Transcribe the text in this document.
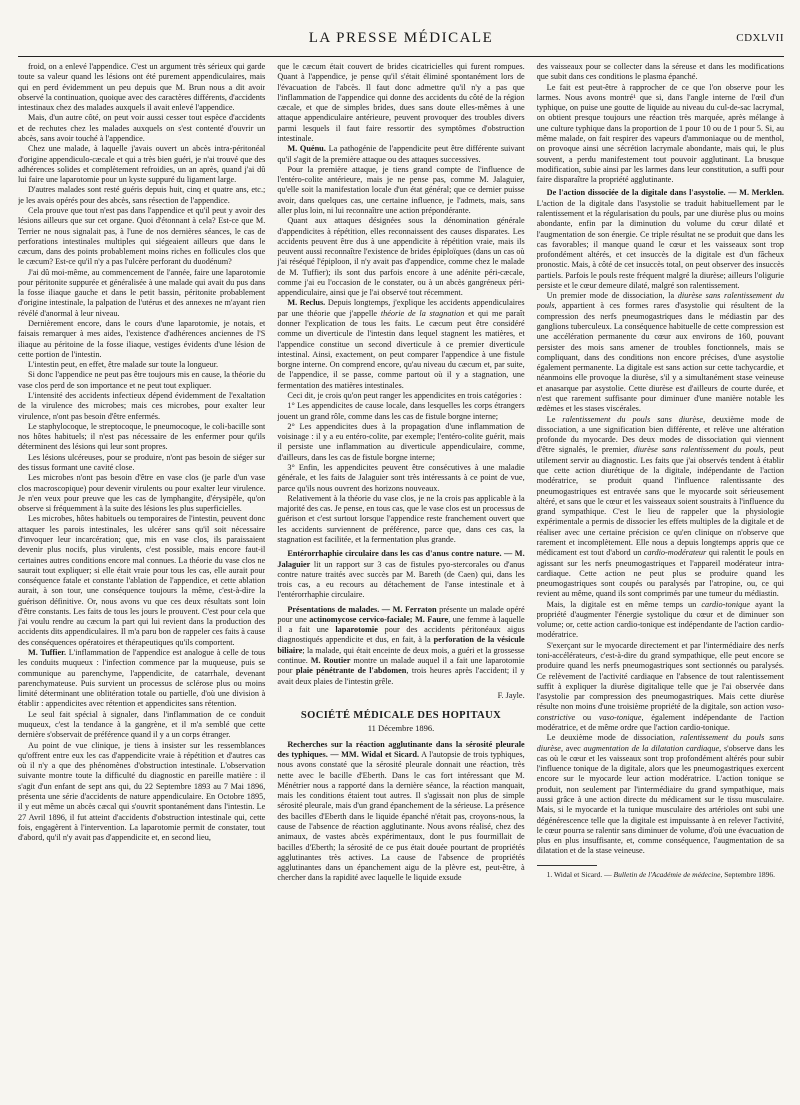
LA PRESSE MÉDICALE	CDXLVII

froid, on a enlevé l'appendice. C'est un argument très sérieux qui garde toute sa valeur quand les lésions ont été purement appendiculaires, mais qui en perd évidemment un peu depuis que M. Brun nous a dit avoir observé la continuation, quoique avec des caractères différents, d'accidents intestinaux chez des malades auxquels il avait enlevé l'appendice.

Mais, d'un autre côté, on peut voir aussi cesser tout espèce d'accidents et de rechutes chez les malades auxquels on s'est contenté d'ouvrir un abcès, sans avoir touché à l'appendice.

Chez une malade, à laquelle j'avais ouvert un abcès intra-péritonéal d'origine appendiculo-cæcale et qui a très bien guéri, je n'ai trouvé que des adhérences solides et complètement refroidies, un an après, quand j'ai dû lui faire une laparotomie pour un kyste suppuré du ligament large.

D'autres malades sont resté guéris depuis huit, cinq et quatre ans, etc.; je les avais opérés pour des abcès, sans résection de l'appendice.

Cela prouve que tout n'est pas dans l'appendice et qu'il peut y avoir des lésions ailleurs que sur cet organe. Quoi d'étonnant à cela? Est-ce que M. Terrier ne nous signalait pas, à l'une de nos dernières séances, le cas de perforations intestinales multiples qui siégeaient ailleurs que dans le cæcum, dans des points probablement moins riches en follicules clos que le cæcum? Est-ce qu'il n'y a pas l'ulcère perforant du duodénum?

J'ai dû moi-même, au commencement de l'année, faire une laparotomie pour péritonite suppurée et généralisée à une malade qui avait du pus dans la fosse iliaque gauche et dans le petit bassin, péritonite probablement d'origine intestinale, la palpation de l'utérus et des annexes ne m'ayant rien révélé d'anormal à leur niveau.

Dernièrement encore, dans le cours d'une laparotomie, je notais, et faisais remarquer à mes aides, l'existence d'adhérences anciennes de l'S iliaque au péritoine de la fosse iliaque, vestiges évidents d'une lésion de cette portion de l'intestin.

L'intestin peut, en effet, être malade sur toute la longueur.

Si donc l'appendice ne peut pas être toujours mis en cause, la théorie du vase clos perd de son importance et ne peut tout expliquer.

L'intensité des accidents infectieux dépend évidemment de l'exaltation de la virulence des microbes; mais ces microbes, pour exalter leur virulence, n'ont pas besoin d'être enfermés.

Le staphylocoque, le streptocoque, le pneumocoque, le coli-bacille sont nos hôtes habituels; il n'est pas nécessaire de les enfermer pour qu'ils déterminent des lésions qui leur sont propres.

Les lésions ulcéreuses, pour se produire, n'ont pas besoin de siéger sur des tissus formant une cavité close.

Les microbes n'ont pas besoin d'être en vase clos (je parle d'un vase clos macroscopique) pour devenir virulents ou pour exalter leur virulence. Je n'en veux pour preuve que les cas de lymphangite, d'érysipèle, qu'on observe si fréquemment à la suite des lésions les plus superficielles.

Les microbes, hôtes habituels ou temporaires de l'intestin, peuvent donc attaquer les parois intestinales, les ulcérer sans qu'il soit nécessaire d'invoquer leur incarcération; que, mis en vase clos, ils paraissaient devenir plus nocifs, plus virulents, c'est possible, mais encore faut-il certaines autres conditions encore mal connues. La théorie du vase clos ne saurait tout expliquer; si elle était vraie pour tous les cas, elle aurait pour conséquence fatale et constante l'ablation de l'appendice, et cette ablation aurait, à son tour, une conséquence toujours la même, c'est-à-dire la guérison définitive. Or, nous avons vu que ces deux résultats sont loin d'être constants. Les faits de tous les jours le prouvent. C'est pour cela que j'ai voulu rendre au cæcum la part qui lui revient dans la production des accidents dits appendiculaires. Il m'a paru bon de rappeler ces faits à cause des conséquences opératoires et thérapeutiques qu'ils comportent.

M. Tuffier. L'inflammation de l'appendice est analogue à celle de tous les conduits muqueux : l'infection commence par la muqueuse, puis se communique au parenchyme, l'appendicite, de catarrhale, devenant parenchymateuse. Puis survient un processus de sclérose plus ou moins limité déterminant une oblitération totale ou partielle, d'où une division à établir : appendicites avec rétention et appendicites sans rétention.

Le seul fait spécial à signaler, dans l'inflammation de ce conduit muqueux, c'est la tendance à la gangrène, et il m'a semblé que cette dernière s'observait de préférence quand il y a un corps étranger.

Au point de vue clinique, je tiens à insister sur les ressemblances qu'offrent entre eux les cas d'appendicite vraie à répétition et d'autres cas où il n'y a que des phénomènes d'obstruction intestinale. L'observation suivante montre toute la difficulté du diagnostic en pareille matière : il s'agit d'un enfant de sept ans qui, du 22 Septembre 1893 au 7 Mai 1896, présenta une série d'accidents de nature appendiculaire. En Octobre 1895, il y eut même un abcès cæcal qui s'ouvrit spontanément dans l'intestin. Le 27 Avril 1896, il fut atteint d'accidents d'obstruction intestinale qui, cette fois, engagèrent à l'intervention. La laparotomie permit de constater, tout d'abord, qu'il n'y avait pas d'appendicite et, en second lieu,

que le cæcum était couvert de brides cicatricielles qui furent rompues. Quant à l'appendice, je pense qu'il s'était éliminé spontanément lors de l'évacuation de l'abcès. Il faut donc admettre qu'il n'y a pas que l'inflammation de l'appendice qui donne des accidents du côté de la région cæcale, et que de simples brides, dues sans doute elles-mêmes à une attaque appendiculaire antérieure, peuvent provoquer des troubles divers parmi lesquels il faut faire ressortir des symptômes d'obstruction intestinale.

M. Quénu. La pathogénie de l'appendicite peut être différente suivant qu'il s'agit de la première attaque ou des attaques successives.

Pour la première attaque, je tiens grand compte de l'influence de l'entéro-colite antérieure, mais je ne pense pas, comme M. Jalaguier, qu'elle soit la manifestation locale d'un état général; que ce dernier puisse avoir, dans quelques cas, une certaine influence, je l'admets, mais, sans aller plus loin, ni lui reconnaître une action prépondérante.

Quant aux attaques désignées sous la dénomination générale d'appendicites à répétition, elles reconnaissent des causes disparates. Les accidents peuvent être dus à une appendicite à répétition vraie, mais ils peuvent aussi reconnaître l'existence de brides épiploïques (dans un cas où j'ai réséqué l'épiploon, il n'y avait pas d'appendice, comme chez le malade de M. Tuffier); ils sont dus parfois encore à une adénite péri-cæcale, comme j'ai eu l'occasion de le constater, ou à un abcès gangréneux péri-appendiculaire, ainsi que je l'ai observé tout récemment.

M. Reclus. Depuis longtemps, j'explique les accidents appendiculaires par une théorie que j'appelle théorie de la stagnation et qui me paraît donner l'explication de tous les faits. Le cæcum peut être considéré comme un diverticule de l'intestin dans lequel stagnent les matières, et l'appendice constitue un second diverticule à ce premier diverticule intestinal. Ainsi, exactement, on peut comparer l'appendice à une fistule borgne interne. On comprend encore, qu'au niveau du cæcum et, par suite, de l'appendice, il se passe, comme partout où il y a stagnation, une fermentation des matières intestinales.

Ceci dit, je crois qu'on peut ranger les appendicites en trois catégories :

1° Les appendicites de cause locale, dans lesquelles les corps étrangers jouent un grand rôle, comme dans les cas de fistule borgne interne;

2° Les appendicites dues à la propagation d'une inflammation de voisinage : il y a eu entéro-colite, par exemple; l'entéro-colite guérit, mais il persiste une inflammation au diverticule appendiculaire, comme, d'ailleurs, dans les cas de fistule borgne interne;

3° Enfin, les appendicites peuvent être consécutives à une maladie générale, et les faits de Jalaguier sont très intéressants à ce point de vue, parce qu'ils nous ouvrent des horizons nouveaux.

Relativement à la théorie du vase clos, je ne la crois pas applicable à la majorité des cas. Je pense, en tous cas, que le vase clos est un processus de guérison et c'est surtout lorsque l'appendice reste franchement ouvert que les accidents surviennent de préférence, parce que, dans ces cas, la stagnation est facilitée, et la fermentation plus grande.

Entérorrhaphie circulaire dans les cas d'anus contre nature. — M. Jalaguier lit un rapport sur 3 cas de fistules pyo-stercorales ou d'anus contre nature traités avec succès par M. Bareth (de Caen) qui, dans les trois cas, a eu recours au détachement de l'anse intestinale et à l'entérorrhaphie circulaire.

Présentations de malades. — M. Ferraton présente un malade opéré pour une actinomycose cervico-faciale; M. Faure, une femme à laquelle il a fait une laparotomie pour des accidents péritonéaux aigus diagnostiqués appendicite et dus, en fait, à la perforation de la vésicule biliaire; la malade, qui était enceinte de deux mois, a guéri et la grossesse continue. M. Routier montre un malade auquel il a fait une laparotomie pour plaie pénétrante de l'abdomen, trois heures après l'accident; il y avait deux plaies de l'intestin grêle.

F. Jayle.

SOCIÉTÉ MÉDICALE DES HOPITAUX

11 Décembre 1896.

Recherches sur la réaction agglutinante dans la sérosité pleurale des typhiques. — MM. Widal et Sicard. A l'autopsie de trois typhiques, nous avons constaté que la sérosité pleurale donnait une réaction, très nette avec le bacille d'Eberth. Dans le cas fort intéressant que M. Ménétrier nous a rapporté dans la dernière séance, la réaction manquait, mais les conditions étaient tout autres. Il s'agissait non plus de simple sérosité pleurale, mais d'un grand épanchement de la sérieuse. La présence des bacilles d'Eberth dans le liquide épanché n'était pas, croyons-nous, la cause de l'absence de réaction agglutinante. Nous avons réalisé, chez des animaux, de vastes abcès expérimentaux, dont le pus fourmillait de bacilles d'Eberth; la sérosité de ce pus était douée pourtant de propriétés agglutinantes très actives. La cause de l'absence de propriétés agglutinantes dans un épanchement aigu de la plèvre est, peut-être, à chercher dans la rapidité avec laquelle le liquide exsude

des vaisseaux pour se collecter dans la séreuse et dans les modifications que subit dans ces conditions le plasma épanché.

Le fait est peut-être à rapprocher de ce que l'on observe pour les larmes. Nous avons montré¹ que si, dans l'angle interne de l'œil d'un typhique, on puise une goutte de liquide au niveau du cul-de-sac lacrymal, on obtient presque toujours une réaction très marquée, après mélange à une culture typhique dans la proportion de 1 pour 10 ou de 1 pour 5. Si, au même malade, on fait respirer des vapeurs d'ammoniaque ou de menthol, on provoque ainsi une sécrétion lacrymale abondante, mais qui, le plus souvent, a perdu manifestement tout pouvoir agglutinant. La brusque modification, subie ainsi par les larmes dans leur constitution, a suffi pour faire disparaître la propriété agglutinante.

De l'action dissociée de la digitale dans l'asystolie. — M. Merklen. L'action de la digitale dans l'asystolie se traduit habituellement par le ralentissement et la régularisation du pouls, par une diurèse plus ou moins abondante, enfin par la diminution du volume du cœur dilaté et l'augmentation de son énergie. Ce triple résultat ne se produit que dans les cas favorables; il manque quand le cœur et les vaisseaux sont trop profondément altérés, et cet insuccès de la digitale est d'un fâcheux pronostic. Mais, à côté de cet insuccès total, on peut observer des insuccès partiels. Parfois le pouls reste fréquent malgré la diurèse; ailleurs l'oligurie persiste et le cœur demeure dilaté, malgré son ralentissement.

Un premier mode de dissociation, la diurèse sans ralentissement du pouls, appartient à ces formes rares d'asystolie qui résultent de la compression des nerfs pneumogastriques dans le médiastin par des ganglions tuberculeux. La conséquence habituelle de cette compression est une accélération permanente du cœur aux environs de 160, pouvant persister des mois sans amener de troubles fonctionnels, mais se compliquant, dans des conditions non encore précises, d'une asystolie également permanente. La digitale est sans action sur cette tachycardie, et néanmoins elle provoque la diurèse, s'il y a simultanément stase veineuse et anasarque par asystolie. Cette diurèse est d'ailleurs de courte durée, et n'est que rarement suffisante pour diminuer d'une manière notable les œdèmes et les stases viscérales.

Le ralentissement du pouls sans diurèse, deuxième mode de dissociation, a une signification bien différente, et relève une altération profonde du myocarde. Des deux modes de dissociation qui viennent d'être signalés, le premier, diurèse sans ralentissement du pouls, peut utilement servir au diagnostic. Les faits que j'ai observés tendent à établir que cette action diurétique de la digitale, indépendante de l'action modératrice, se produit quand l'influence ralentissante des pneumogastriques est entravée sans que le myocarde soit sérieusement altéré, et sans que le cœur et les vaisseaux soient soustraits à l'influence du grand sympathique. C'est le lieu de rappeler que la physiologie expérimentale a permis de dissocier les effets multiples de la digitale et de réaliser avec une certaine précision ce qu'en clinique on n'observe que rarement et incomplètement. Elle nous a depuis longtemps appris que ce médicament est tout d'abord un cardio-modérateur qui ralentit le pouls en agissant sur les nerfs pneumogastriques et l'appareil modérateur intra-cardiaque. Cette action ne peut plus se produire quand les pneumogastriques sont coupés ou paralysés par l'atropine, ou, ce qui revient au même, quand ils sont comprimés par une tumeur du médiastin.

Mais, la digitale est en même temps un cardio-tonique ayant la propriété d'augmenter l'énergie systolique du cœur et de diminuer son volume; or, cette action cardio-tonique est indépendante de l'action cardio-modératrice.

S'exerçant sur le myocarde directement et par l'intermédiaire des nerfs toni-accélérateurs, c'est-à-dire du grand sympathique, elle peut encore se produire quand les nerfs pneumogastriques sont sectionnés ou paralysés. Ce relèvement de l'activité cardiaque en l'absence de tout ralentissement suffit à expliquer la diurèse digitalique telle que je l'ai observée dans l'asystolie par compression des pneumogastriques. Mais cette diurèse résulte non moins d'une troisième propriété de la digitale, son action vaso-constrictive ou vaso-tonique, également indépendante de l'action modératrice, et de même ordre que l'action cardio-tonique.

Le deuxième mode de dissociation, ralentissement du pouls sans diurèse, avec augmentation de la dilatation cardiaque, s'observe dans les cas où le cœur et les vaisseaux sont trop profondément altérés pour subir l'influence tonique de la digitale, alors que les pneumogastriques exercent encore sur le myocarde leur action modératrice. L'action tonique se produit, non seulement par l'intermédiaire du grand sympathique, mais aussi grâce à une action directe du médicament sur le tissu musculaire. Mais, si le myocarde et la tunique musculaire des artérioles ont subi une dégénérescence telle que la digitale est impuissante à en relever l'activité, le cœur pourra se ralentir sans diminuer de volume, d'où une évacuation de plus en plus insuffisante, et, comme conséquence, l'augmentation de sa dilatation et de la stase veineuse.

1. Widal et Sicard. — Bulletin de l'Académie de médecine, Septembre 1896.
